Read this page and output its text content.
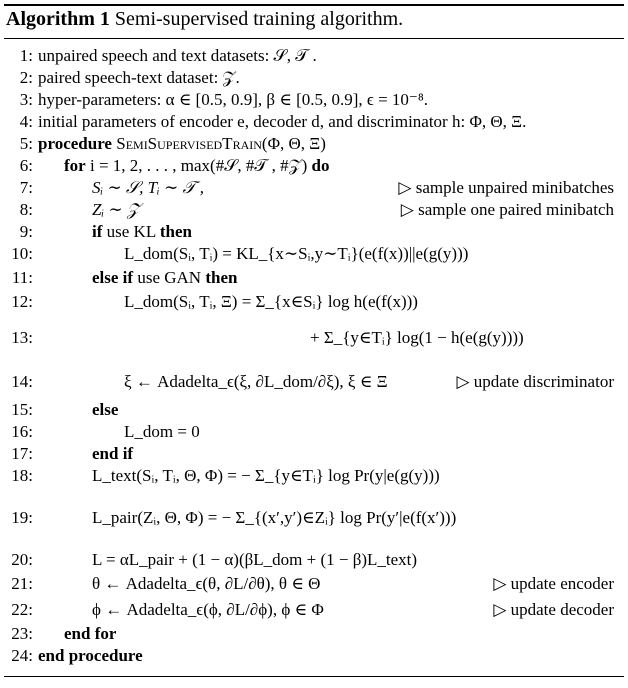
Algorithm 1 Semi-supervised training algorithm.
1: unpaired speech and text datasets: 𝒮, 𝒯 .
2: paired speech-text dataset: 𝒵.
3: hyper-parameters: α ∈ [0.5, 0.9], β ∈ [0.5, 0.9], ϵ = 10⁻⁸.
4: initial parameters of encoder e, decoder d, and discriminator h: Φ, Θ, Ξ.
5: procedure SemiSupervisedTrain(Φ, Θ, Ξ)
6: for i = 1, 2, . . . , max(#𝒮, #𝒯 , #𝒵) do
7:	Sᵢ ∼ 𝒮, Tᵢ ∼ 𝒯 ,	▷ sample unpaired minibatches
8:	Zᵢ ∼ 𝒵	▷ sample one paired minibatch
9:	if use KL then
10:	L_dom(Sᵢ, Tᵢ) = KL_{x∼Sᵢ,y∼Tᵢ}(e(f(x))||e(g(y)))
11:	else if use GAN then
12:	L_dom(Sᵢ, Tᵢ, Ξ) = Σ_{x∈Sᵢ} log h(e(f(x)))
13:	+ Σ_{y∈Tᵢ} log(1 − h(e(g(y))))
14:	ξ ← Adadelta_ϵ(ξ, ∂L_dom/∂ξ), ξ ∈ Ξ	▷ update discriminator
15:	else
16:	L_dom = 0
17:	end if
18:	L_text(Sᵢ, Tᵢ, Θ, Φ) = − Σ_{y∈Tᵢ} log Pr(y|e(g(y)))
19:	L_pair(Zᵢ, Θ, Φ) = − Σ_{(x′,y′)∈Zᵢ} log Pr(y′|e(f(x′)))
20:	L = αL_pair + (1 − α)(βL_dom + (1 − β)L_text)
21:	θ ← Adadelta_ϵ(θ, ∂L/∂θ), θ ∈ Θ	▷ update encoder
22:	ϕ ← Adadelta_ϵ(ϕ, ∂L/∂ϕ), ϕ ∈ Φ	▷ update decoder
23: end for
24: end procedure
